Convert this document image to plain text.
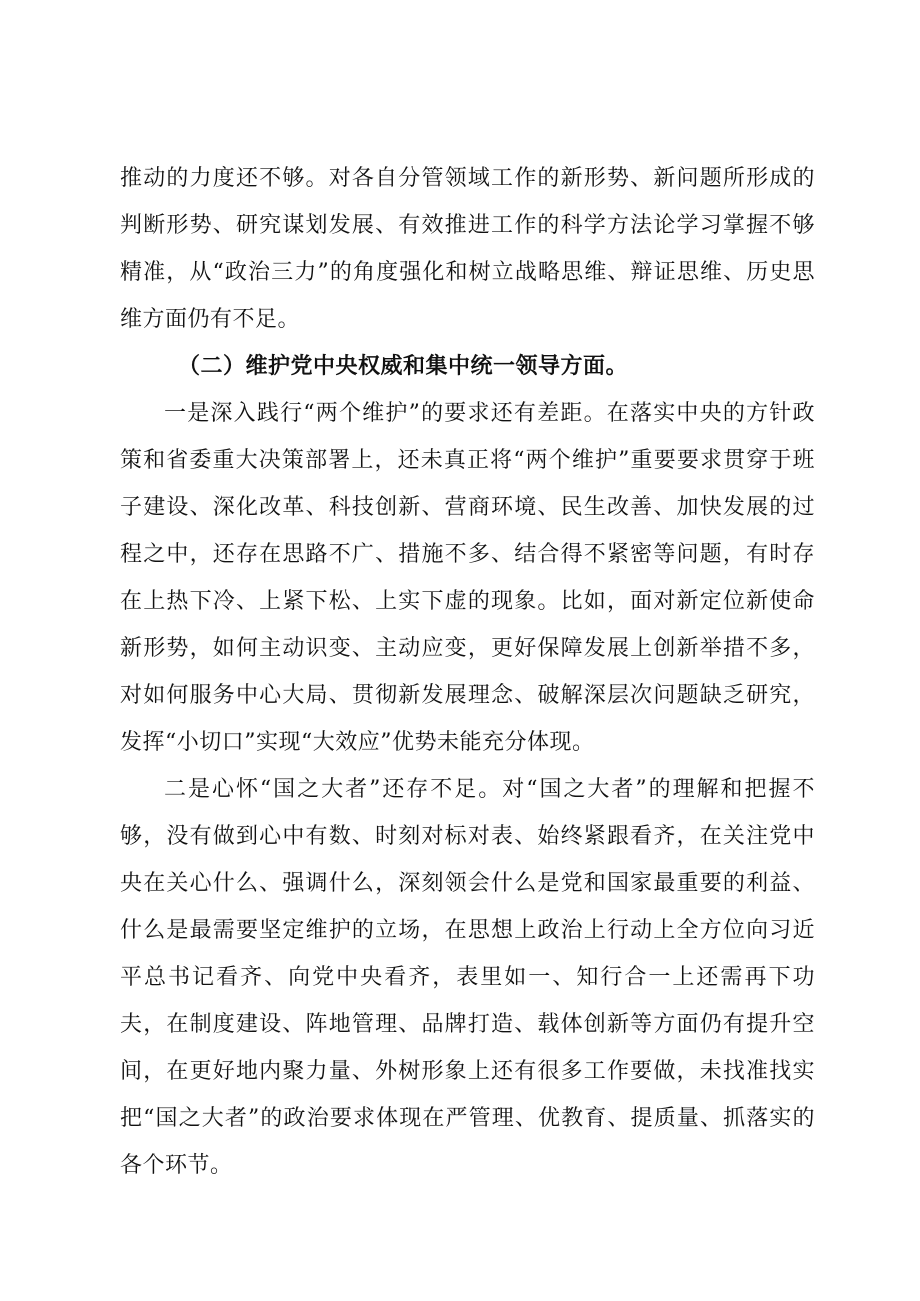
推动的力度还不够。对各自分管领域工作的新形势、新问题所形成的判断形势、研究谋划发展、有效推进工作的科学方法论学习掌握不够精准，从“政治三力”的角度强化和树立战略思维、辩证思维、历史思维方面仍有不足。

（二）维护党中央权威和集中统一领导方面。

一是深入践行“两个维护”的要求还有差距。在落实中央的方针政策和省委重大决策部署上，还未真正将“两个维护”重要要求贯穿于班子建设、深化改革、科技创新、营商环境、民生改善、加快发展的过程之中，还存在思路不广、措施不多、结合得不紧密等问题，有时存在上热下冷、上紧下松、上实下虚的现象。比如，面对新定位新使命新形势，如何主动识变、主动应变，更好保障发展上创新举措不多，对如何服务中心大局、贯彻新发展理念、破解深层次问题缺乏研究，发挥“小切口”实现“大效应”优势未能充分体现。

二是心怀“国之大者”还存不足。对“国之大者”的理解和把握不够，没有做到心中有数、时刻对标对表、始终紧跟看齐，在关注党中央在关心什么、强调什么，深刻领会什么是党和国家最重要的利益、什么是最需要坚定维护的立场，在思想上政治上行动上全方位向习近平总书记看齐、向党中央看齐，表里如一、知行合一上还需再下功夫，在制度建设、阵地管理、品牌打造、载体创新等方面仍有提升空间，在更好地内聚力量、外树形象上还有很多工作要做，未找准找实把“国之大者”的政治要求体现在严管理、优教育、提质量、抓落实的各个环节。
